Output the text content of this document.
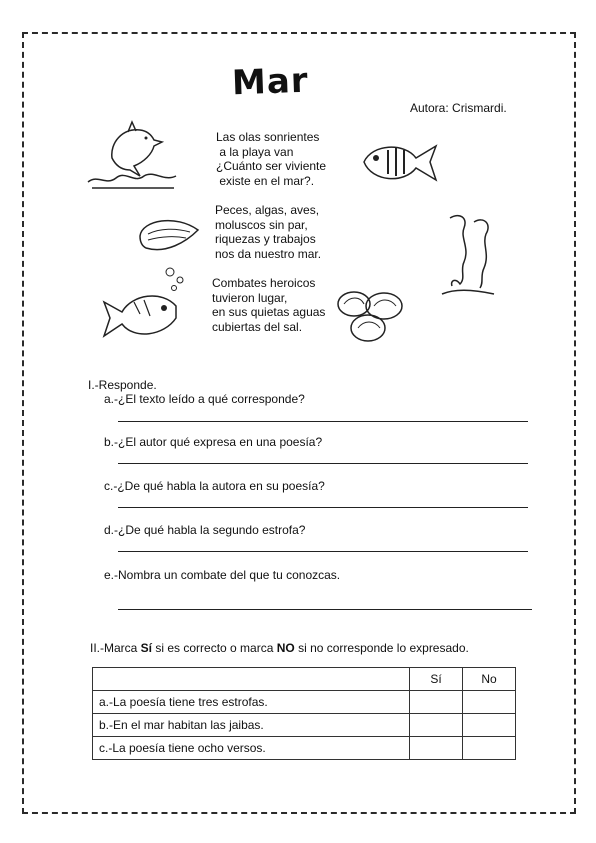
Mar
Autora: Crismardi.
Las olas sonrientes
a la playa van
¿Cuánto ser viviente
existe en el mar?.
Peces, algas, aves,
moluscos sin par,
riquezas y trabajos
nos da nuestro mar.
Combates heroicos
tuvieron lugar,
en sus quietas aguas
cubiertas del sal.
I.-Responde.
a.-¿El texto leído a qué corresponde?
b.-¿El autor qué expresa en una poesía?
c.-¿De qué habla la autora en su poesía?
d.-¿De qué habla la segundo estrofa?
e.-Nombra un combate del que tu conozcas.
II.-Marca Sí si es correcto o marca NO si no corresponde lo expresado.
	Sí	No
a.-La poesía tiene tres estrofas.		
b.-En el mar habitan las jaibas.		
c.-La poesía tiene ocho versos.		
